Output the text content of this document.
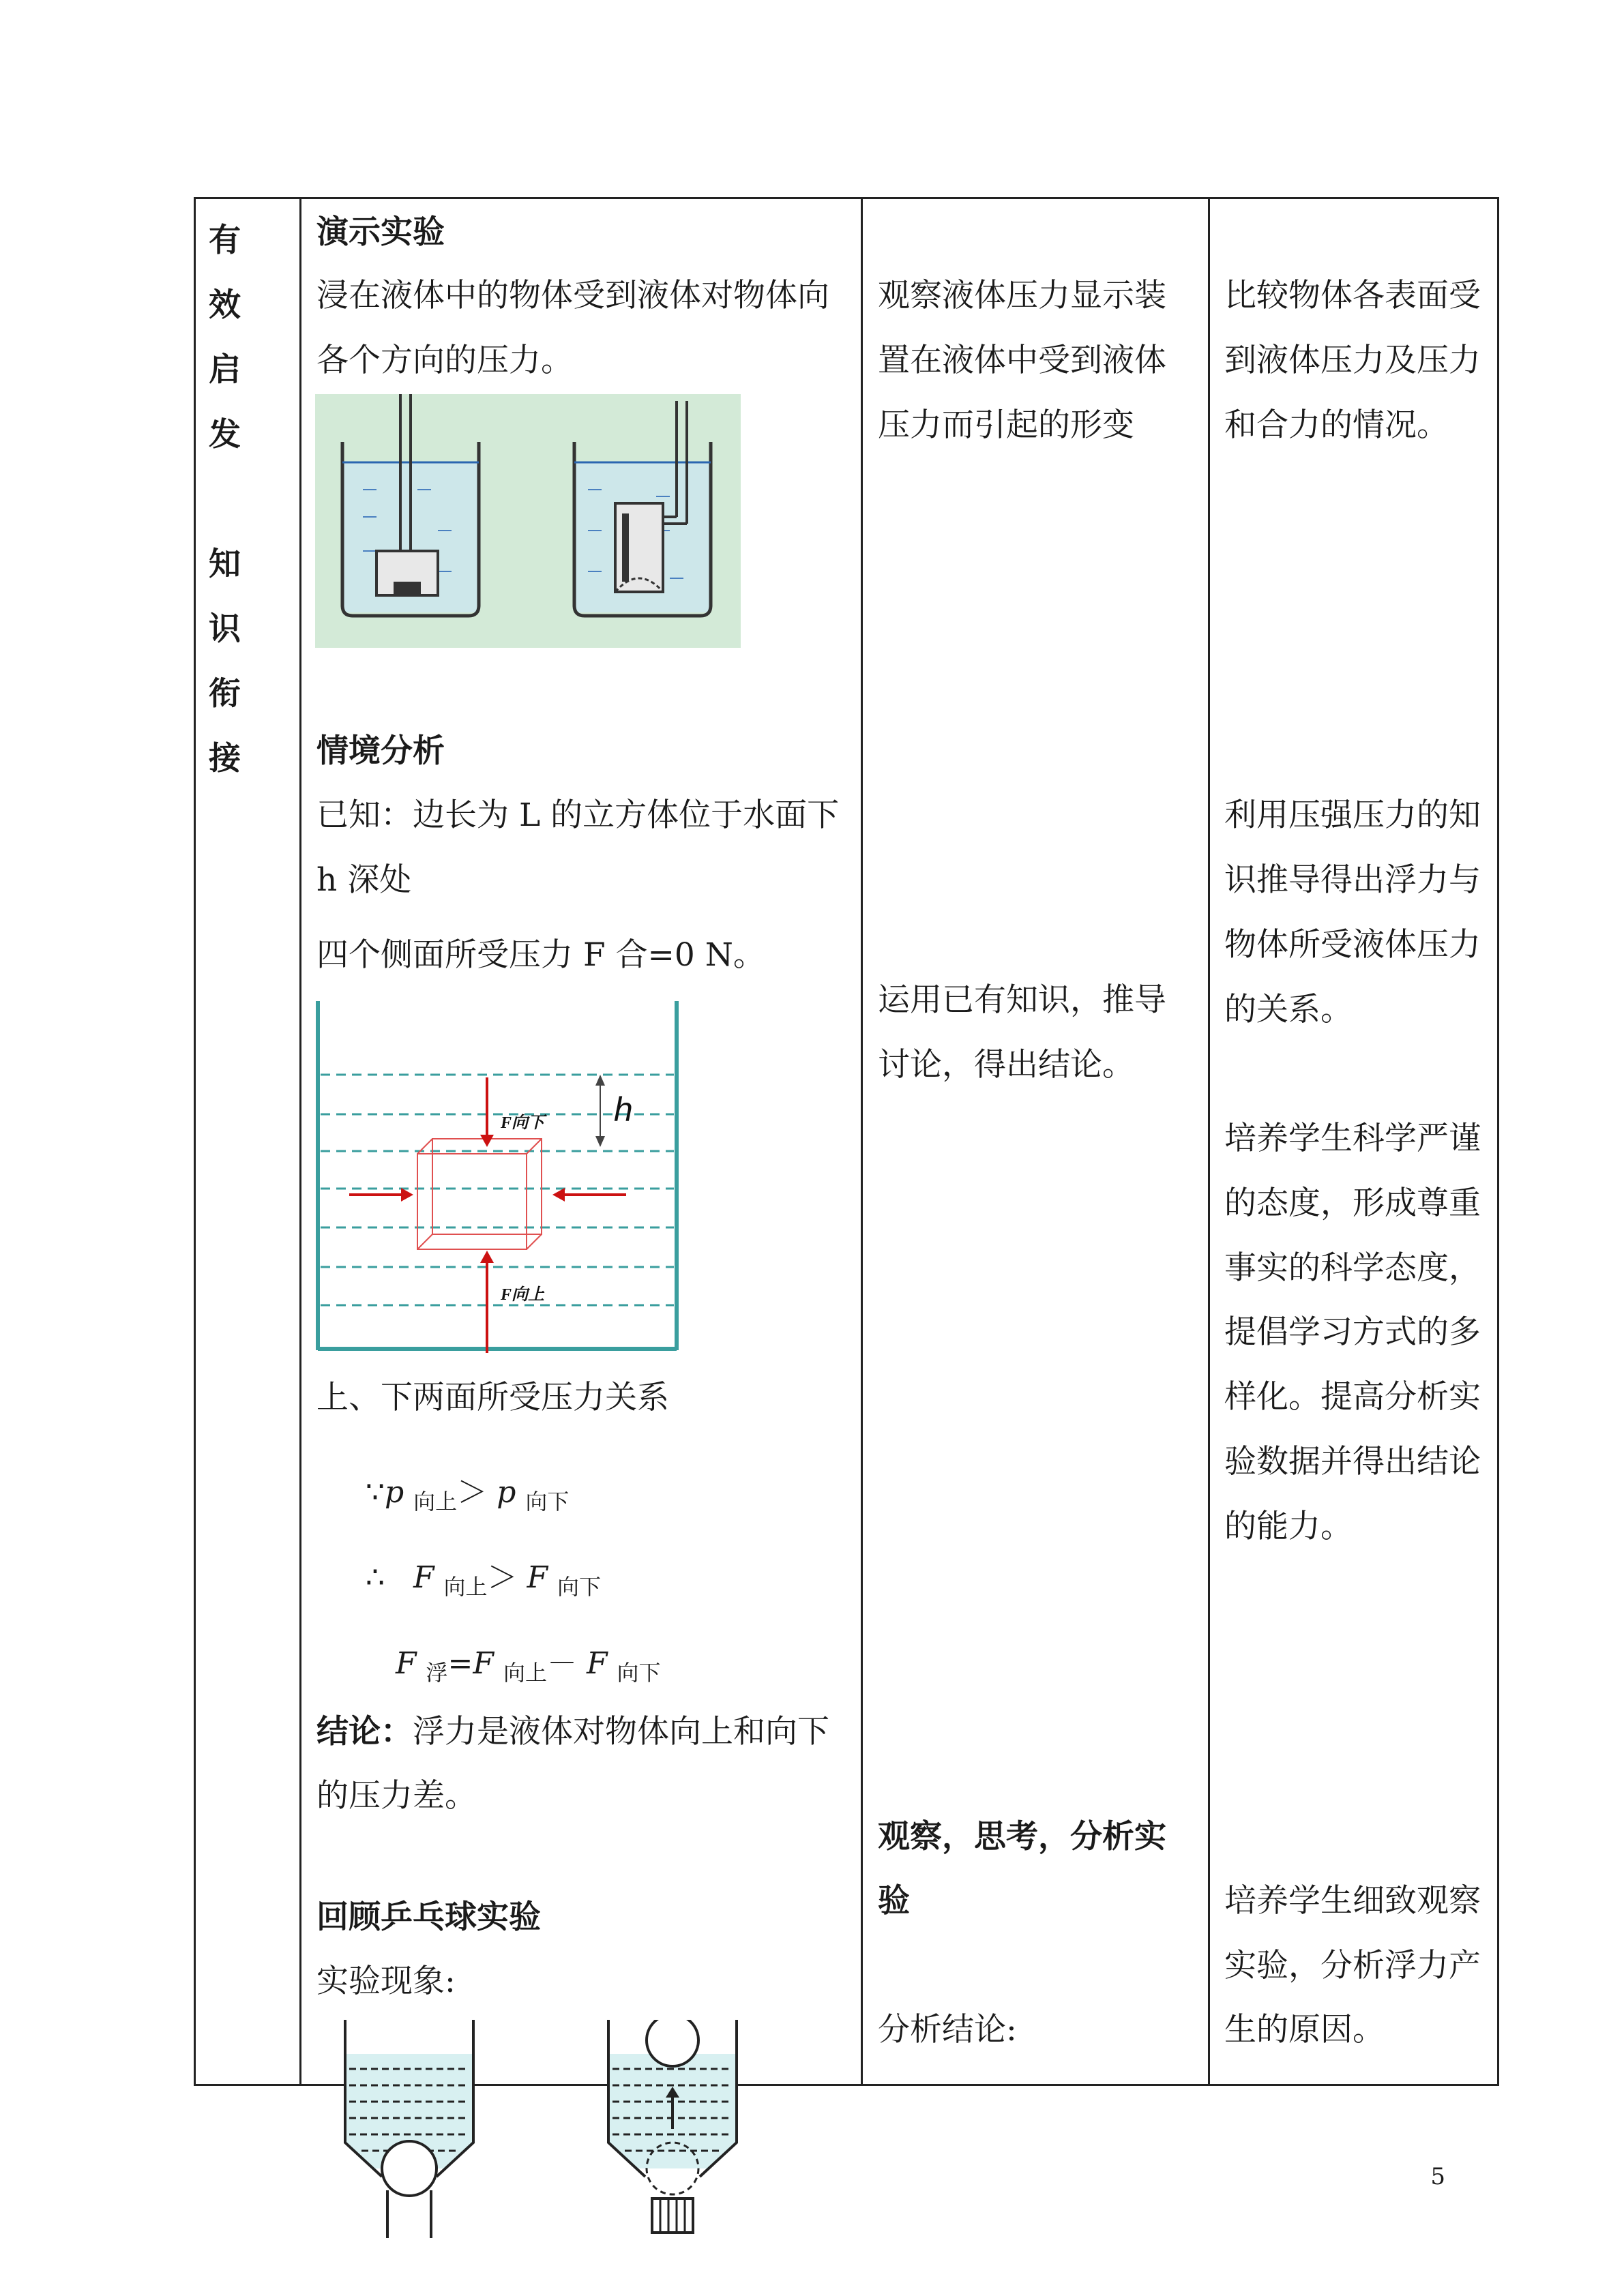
有
效
启
发
知
识
衔
接
演示实验
浸在液体中的物体受到液体对物体向
各个方向的压力。
情境分析
已知：边长为 L 的立方体位于水面下
h 深处
四个侧面所受压力 F 合=0 N。
h
F向下
F向上
上、下两面所受压力关系
∵p $_{向上}$＞ p $_{向下}$
∴ F $_{向上}$＞ F $_{向下}$
F $_浮$=F $_{向上}$－ F $_{向下}$
结论：浮力是液体对物体向上和向下
的压力差。
回顾乒乓球实验
实验现象:
观察液体压力显示装
置在液体中受到液体
压力而引起的形变
运用已有知识，推导
讨论，得出结论。
观察，思考，分析实
验
分析结论:
比较物体各表面受
到液体压力及压力
和合力的情况。
利用压强压力的知
识推导得出浮力与
物体所受液体压力
的关系。
培养学生科学严谨
的态度，形成尊重
事实的科学态度，
提倡学习方式的多
样化。提高分析实
验数据并得出结论
的能力。
培养学生细致观察
实验，分析浮力产
生的原因。
5
